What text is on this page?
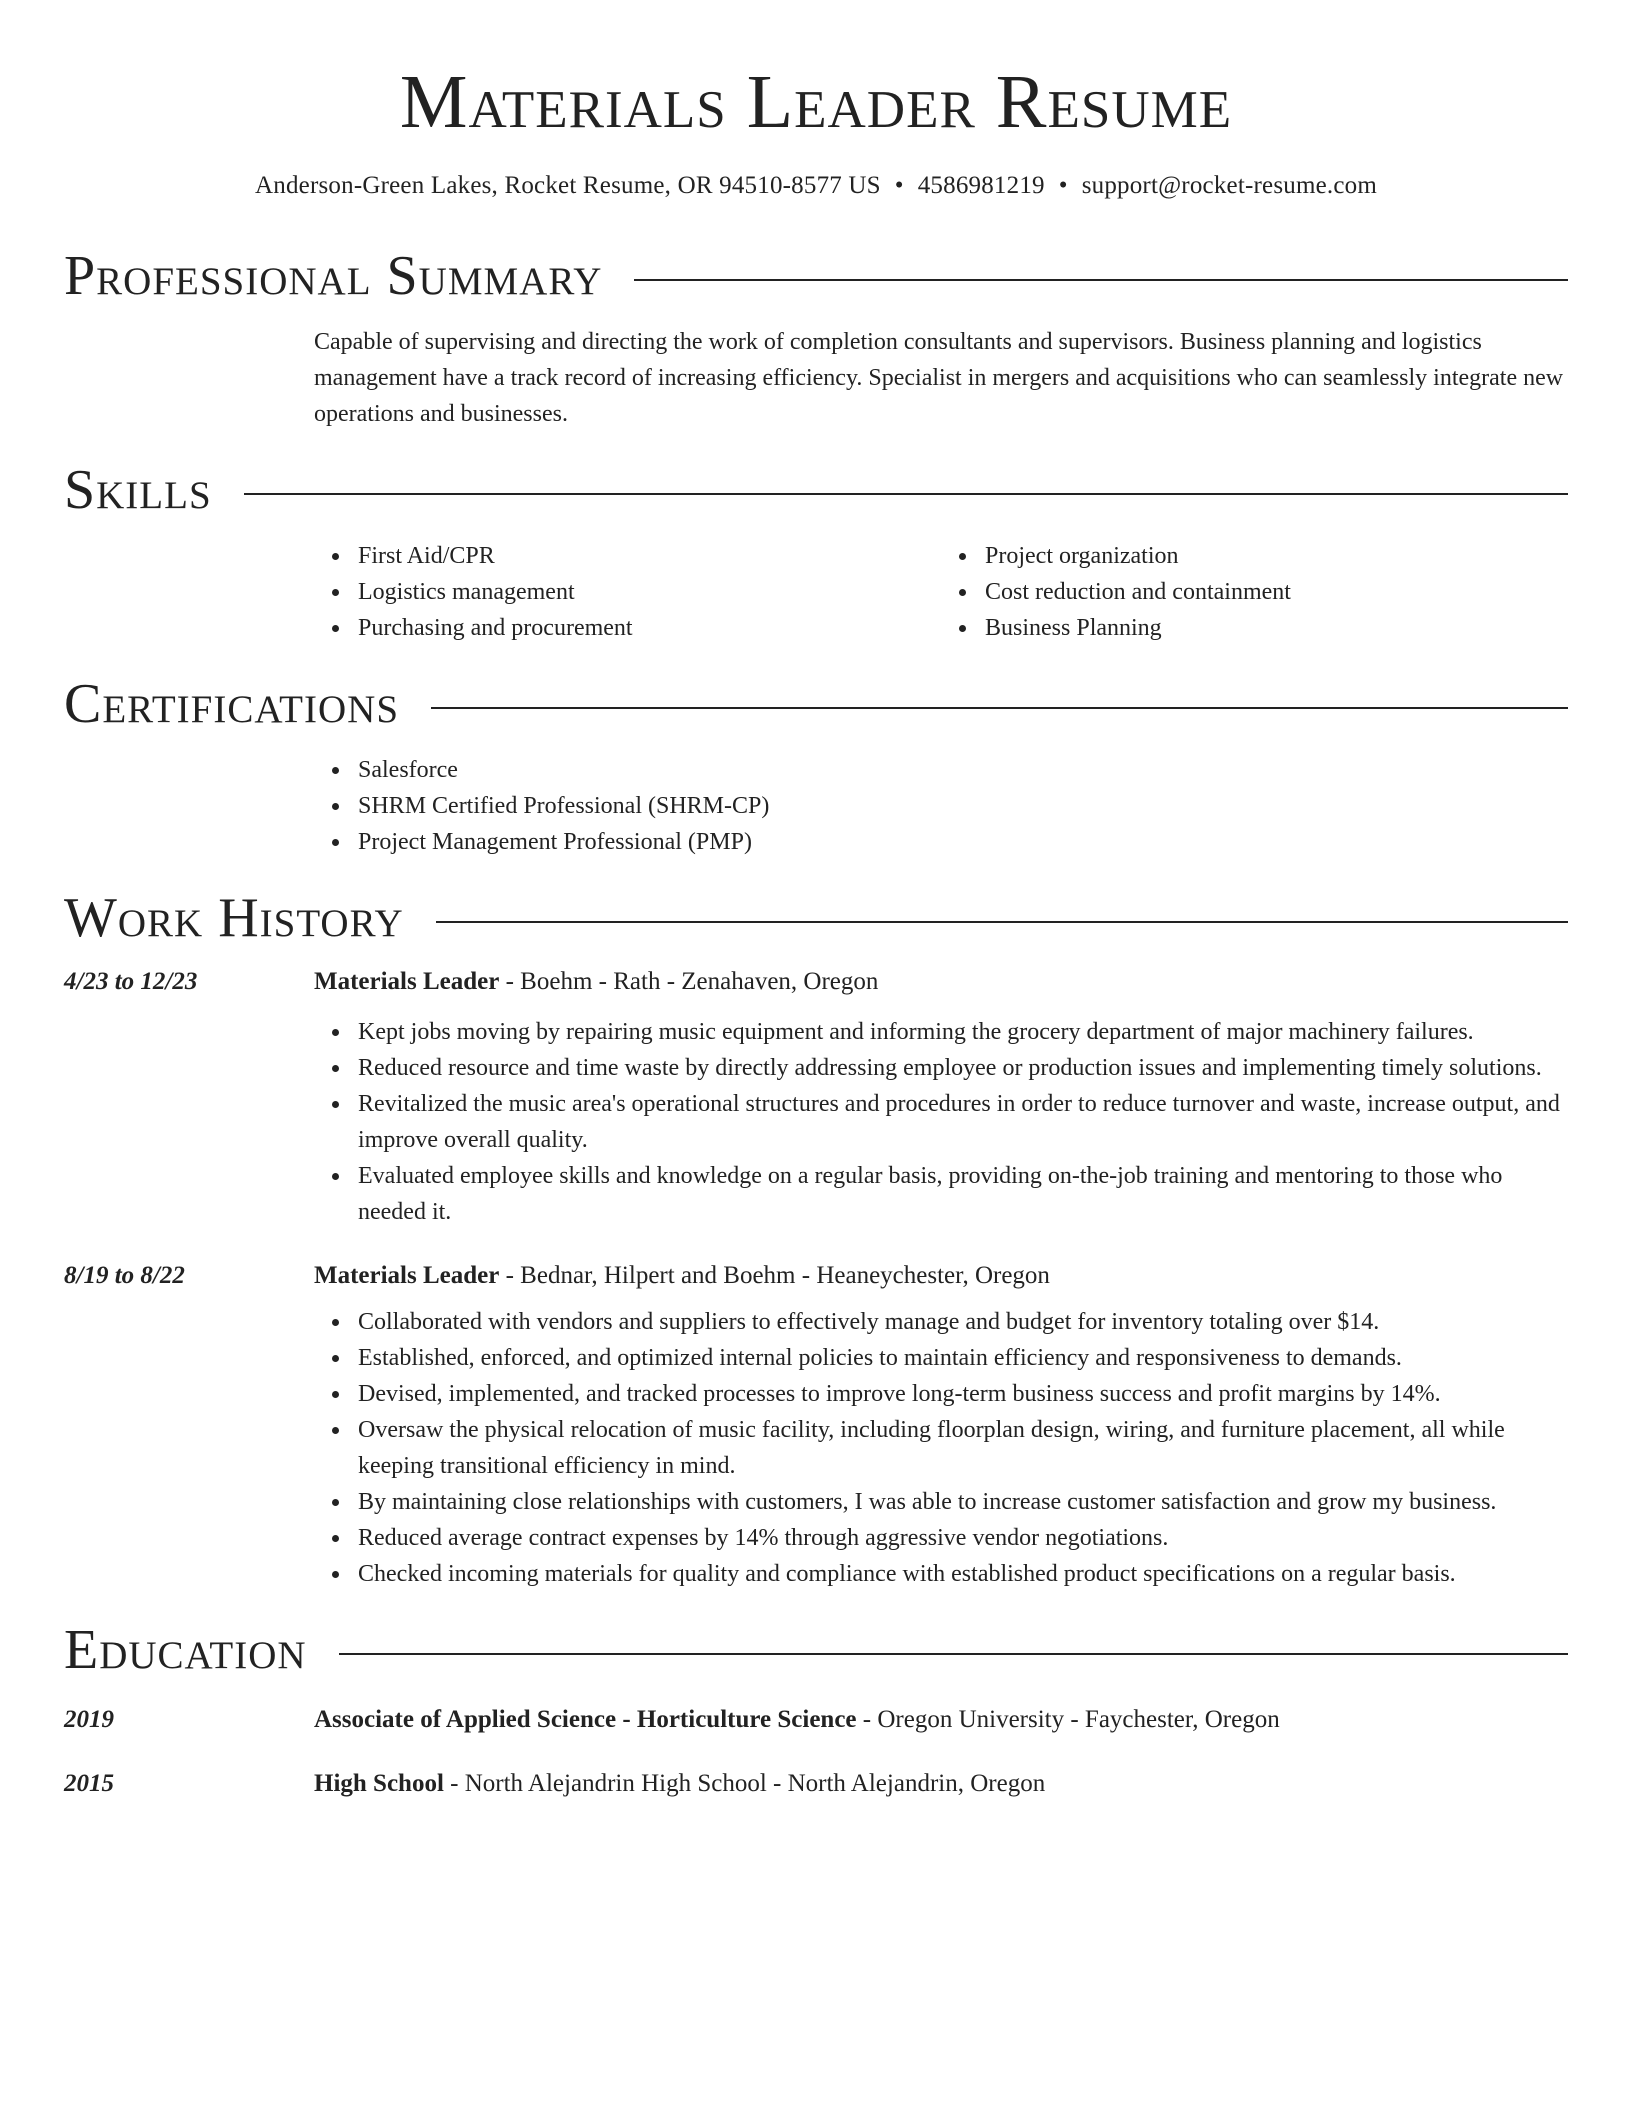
Materials Leader Resume
Anderson-Green Lakes, Rocket Resume, OR 94510-8577 US • 4586981219 • support@rocket-resume.com
Professional Summary

Capable of supervising and directing the work of completion consultants and supervisors. Business planning and logistics management have a track record of increasing efficiency. Specialist in mergers and acquisitions who can seamlessly integrate new operations and businesses.

Skills
First Aid/CPR
Logistics management
Purchasing and procurement
Project organization
Cost reduction and containment
Business Planning
Certifications
Salesforce
SHRM Certified Professional (SHRM-CP)
Project Management Professional (PMP)
Work History
4/23 to 12/23	Materials Leader - Boehm - Rath - Zenahaven, Oregon
Kept jobs moving by repairing music equipment and informing the grocery department of major machinery failures.
Reduced resource and time waste by directly addressing employee or production issues and implementing timely solutions.
Revitalized the music area's operational structures and procedures in order to reduce turnover and waste, increase output, and improve overall quality.
Evaluated employee skills and knowledge on a regular basis, providing on-the-job training and mentoring to those who needed it.
8/19 to 8/22	Materials Leader - Bednar, Hilpert and Boehm - Heaneychester, Oregon
Collaborated with vendors and suppliers to effectively manage and budget for inventory totaling over $14.
Established, enforced, and optimized internal policies to maintain efficiency and responsiveness to demands.
Devised, implemented, and tracked processes to improve long-term business success and profit margins by 14%.
Oversaw the physical relocation of music facility, including floorplan design, wiring, and furniture placement, all while keeping transitional efficiency in mind.
By maintaining close relationships with customers, I was able to increase customer satisfaction and grow my business.
Reduced average contract expenses by 14% through aggressive vendor negotiations.
Checked incoming materials for quality and compliance with established product specifications on a regular basis.
Education
2019	Associate of Applied Science - Horticulture Science - Oregon University - Faychester, Oregon
2015	High School - North Alejandrin High School - North Alejandrin, Oregon
